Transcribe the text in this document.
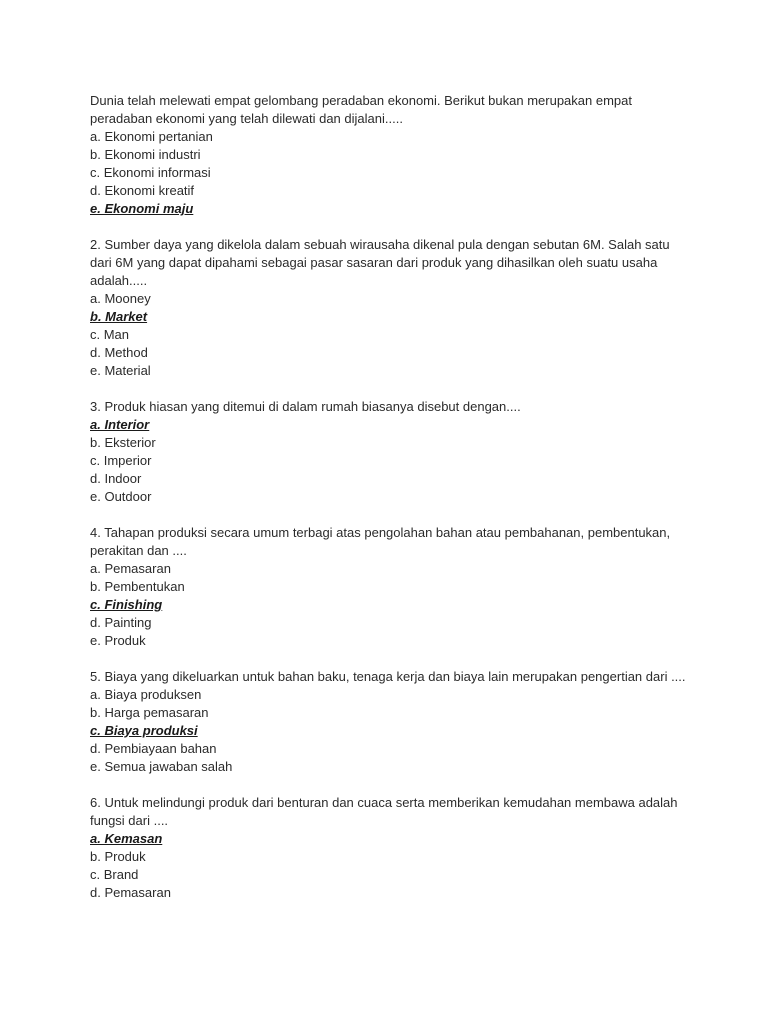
Dunia telah melewati empat gelombang peradaban ekonomi. Berikut bukan merupakan empat peradaban ekonomi yang telah dilewati dan dijalani.....
a. Ekonomi pertanian
b. Ekonomi industri
c. Ekonomi informasi
d. Ekonomi kreatif
e. Ekonomi maju
2. Sumber daya yang dikelola dalam sebuah wirausaha dikenal pula dengan sebutan 6M. Salah satu dari 6M yang dapat dipahami sebagai pasar sasaran dari produk yang dihasilkan oleh suatu usaha adalah.....
a. Mooney
b. Market
c. Man
d. Method
e. Material
3. Produk hiasan yang ditemui di dalam rumah biasanya disebut dengan....
a. Interior
b. Eksterior
c. Imperior
d. Indoor
e. Outdoor
4. Tahapan produksi secara umum terbagi atas pengolahan bahan atau pembahanan, pembentukan, perakitan dan ....
a. Pemasaran
b. Pembentukan
c. Finishing
d. Painting
e. Produk
5. Biaya yang dikeluarkan untuk bahan baku, tenaga kerja dan biaya lain merupakan pengertian dari ....
a. Biaya produksen
b. Harga pemasaran
c. Biaya produksi
d. Pembiayaan bahan
e. Semua jawaban salah
6. Untuk melindungi produk dari benturan dan cuaca serta memberikan kemudahan membawa adalah fungsi dari ....
a. Kemasan
b. Produk
c. Brand
d. Pemasaran
